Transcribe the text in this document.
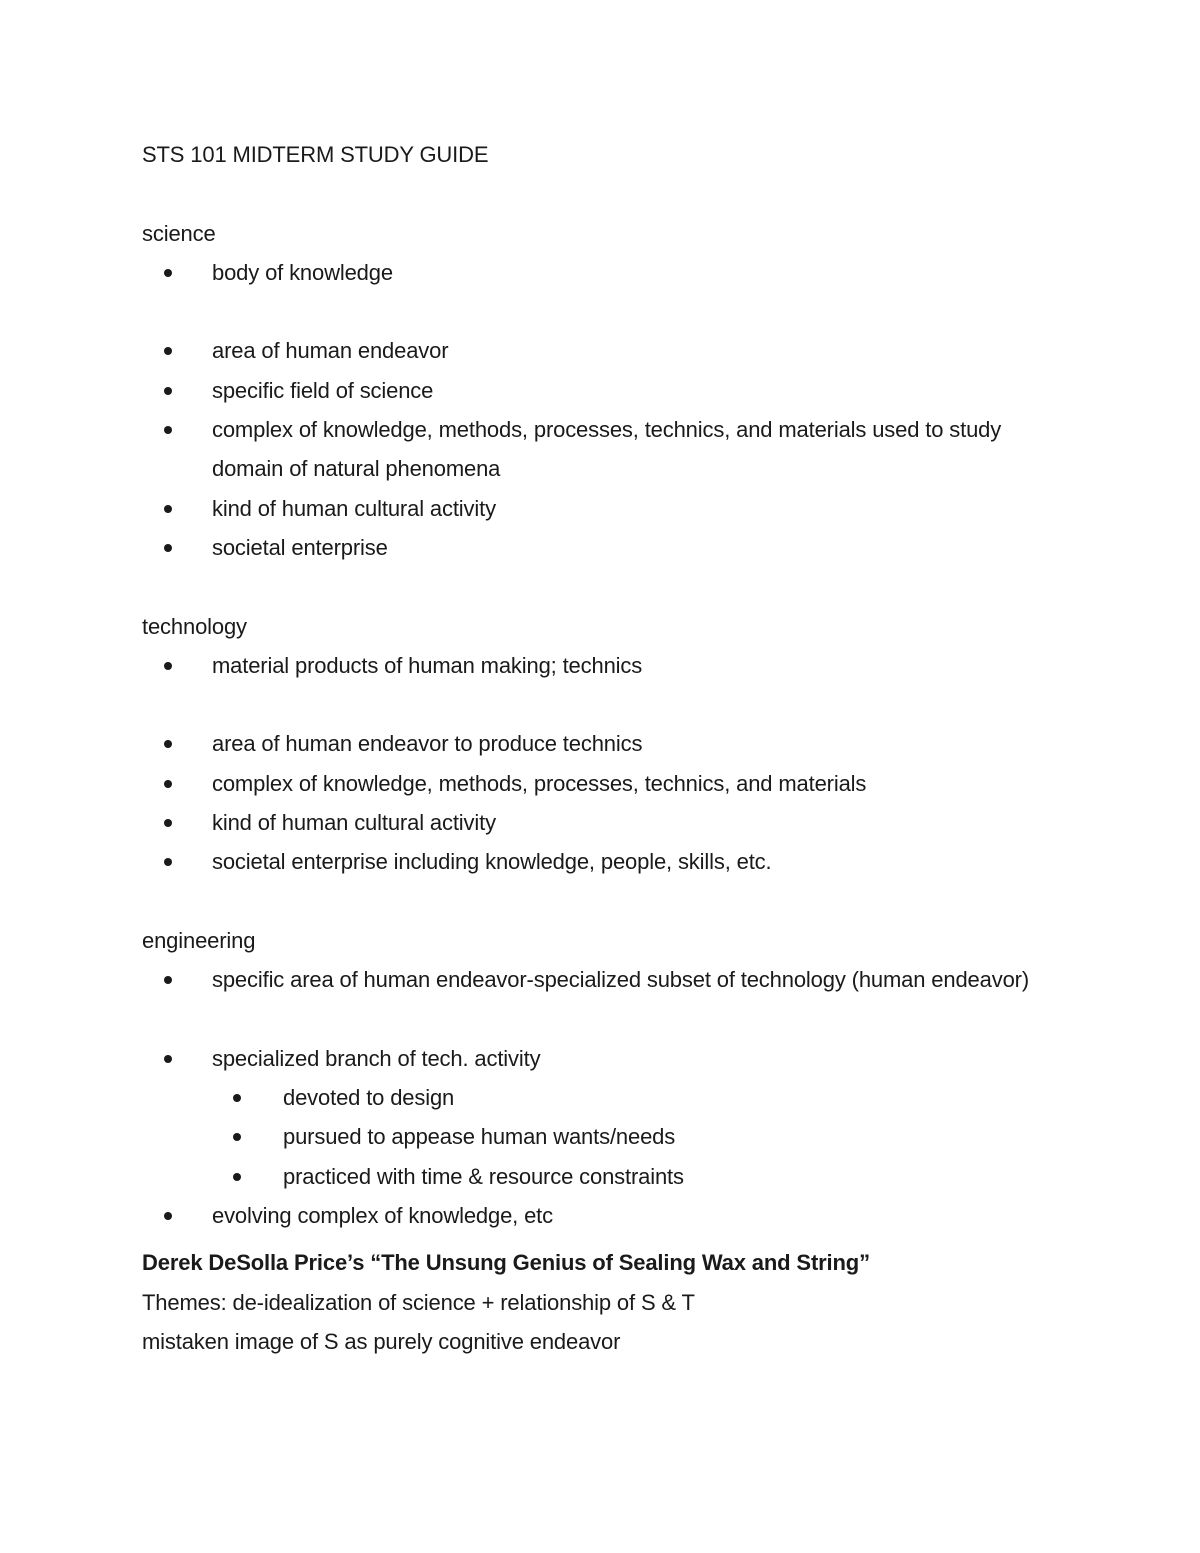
STS 101 MIDTERM STUDY GUIDE

science

body of knowledge
area of human endeavor
specific field of science
complex of knowledge, methods, processes, technics, and materials used to study domain of natural phenomena
kind of human cultural activity
societal enterprise

technology

material products of human making; technics
area of human endeavor to produce technics
complex of knowledge, methods, processes, technics, and materials
kind of human cultural activity
societal enterprise including knowledge, people, skills, etc.

engineering

specific area of human endeavor-specialized subset of technology (human endeavor)
specialized branch of tech. activity
devoted to design
pursued to appease human wants/needs
practiced with time & resource constraints
evolving complex of knowledge, etc

Derek DeSolla Price’s “The Unsung Genius of Sealing Wax and String”

Themes: de-idealization of science + relationship of S & T

mistaken image of S as purely cognitive endeavor
